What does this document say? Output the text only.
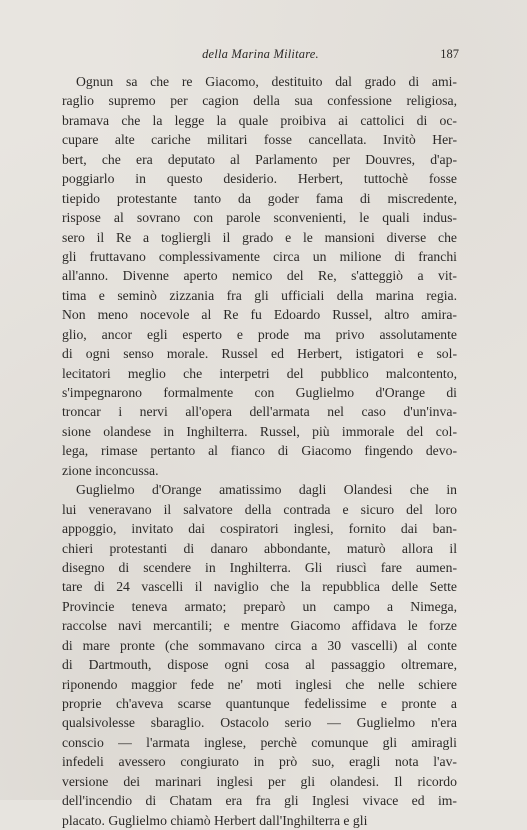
della Marina Militare.	187
Ognun sa che re Giacomo, destituito dal grado di ami-
raglio supremo per cagion della sua confessione religiosa,
bramava che la legge la quale proibiva ai cattolici di oc-
cupare alte cariche militari fosse cancellata. Invitò Her-
bert, che era deputato al Parlamento per Douvres, d'ap-
poggiarlo in questo desiderio. Herbert, tuttochè fosse
tiepido protestante tanto da goder fama di miscredente,
rispose al sovrano con parole sconvenienti, le quali indus-
sero il Re a togliergli il grado e le mansioni diverse che
gli fruttavano complessivamente circa un milione di franchi
all'anno. Divenne aperto nemico del Re, s'atteggiò a vit-
tima e seminò zizzania fra gli ufficiali della marina regia.
Non meno nocevole al Re fu Edoardo Russel, altro amira-
glio, ancor egli esperto e prode ma privo assolutamente
di ogni senso morale. Russel ed Herbert, istigatori e sol-
lecitatori meglio che interpetri del pubblico malcontento,
s'impegnarono formalmente con Guglielmo d'Orange di
troncar i nervi all'opera dell'armata nel caso d'un'inva-
sione olandese in Inghilterra. Russel, più immorale del col-
lega, rimase pertanto al fianco di Giacomo fingendo devo-
zione inconcussa.
Guglielmo d'Orange amatissimo dagli Olandesi che in
lui veneravano il salvatore della contrada e sicuro del loro
appoggio, invitato dai cospiratori inglesi, fornito dai ban-
chieri protestanti di danaro abbondante, maturò allora il
disegno di scendere in Inghilterra. Gli riuscì fare aumen-
tare di 24 vascelli il naviglio che la repubblica delle Sette
Provincie teneva armato; preparò un campo a Nimega,
raccolse navi mercantili; e mentre Giacomo affidava le forze
di mare pronte (che sommavano circa a 30 vascelli) al conte
di Dartmouth, dispose ogni cosa al passaggio oltremare,
riponendo maggior fede ne' moti inglesi che nelle schiere
proprie ch'aveva scarse quantunque fedelissime e pronte a
qualsivolesse sbaraglio. Ostacolo serio — Guglielmo n'era
conscio — l'armata inglese, perchè comunque gli amiragli
infedeli avessero congiurato in prò suo, eragli nota l'av-
versione dei marinari inglesi per gli olandesi. Il ricordo
dell'incendio di Chatam era fra gli Inglesi vivace ed im-
placato. Guglielmo chiamò Herbert dall'Inghilterra e gli
